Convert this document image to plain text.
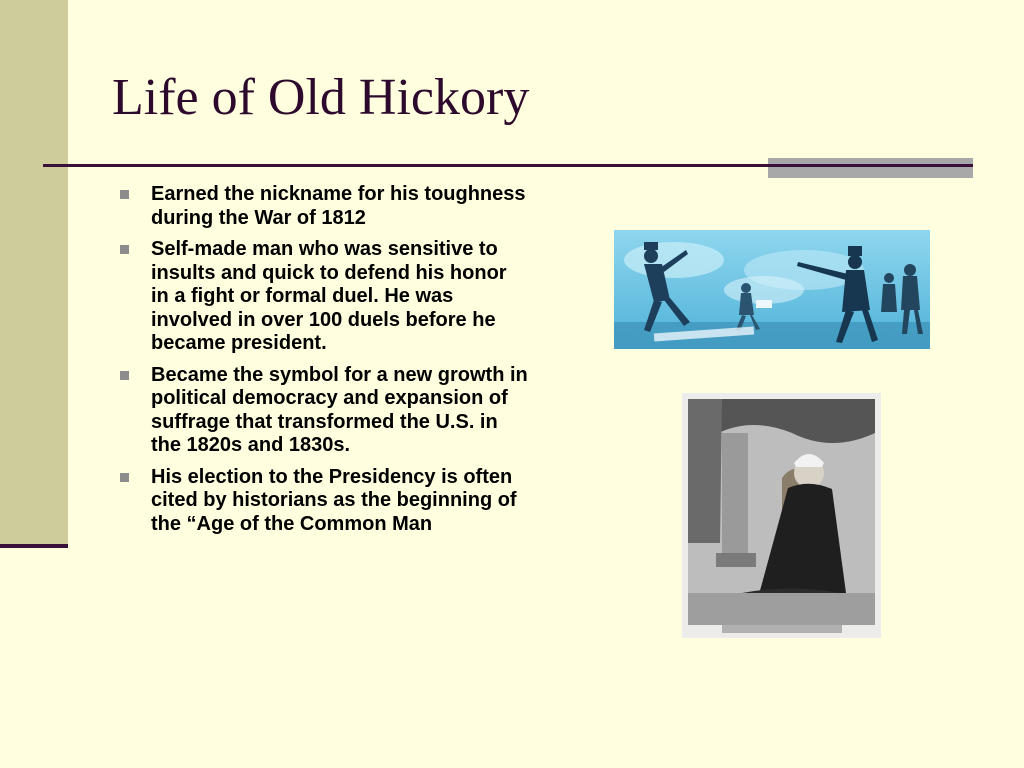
Life of Old Hickory
Earned the nickname for his toughness during the War of 1812
Self-made man who was sensitive to insults and quick to defend his honor in a fight or formal duel. He was involved in over 100 duels before he became president.
Became the symbol for a new growth in political democracy and expansion of suffrage that transformed the U.S. in the 1820s and 1830s.
His election to the Presidency is often cited by historians as the beginning of the “Age of the Common Man
